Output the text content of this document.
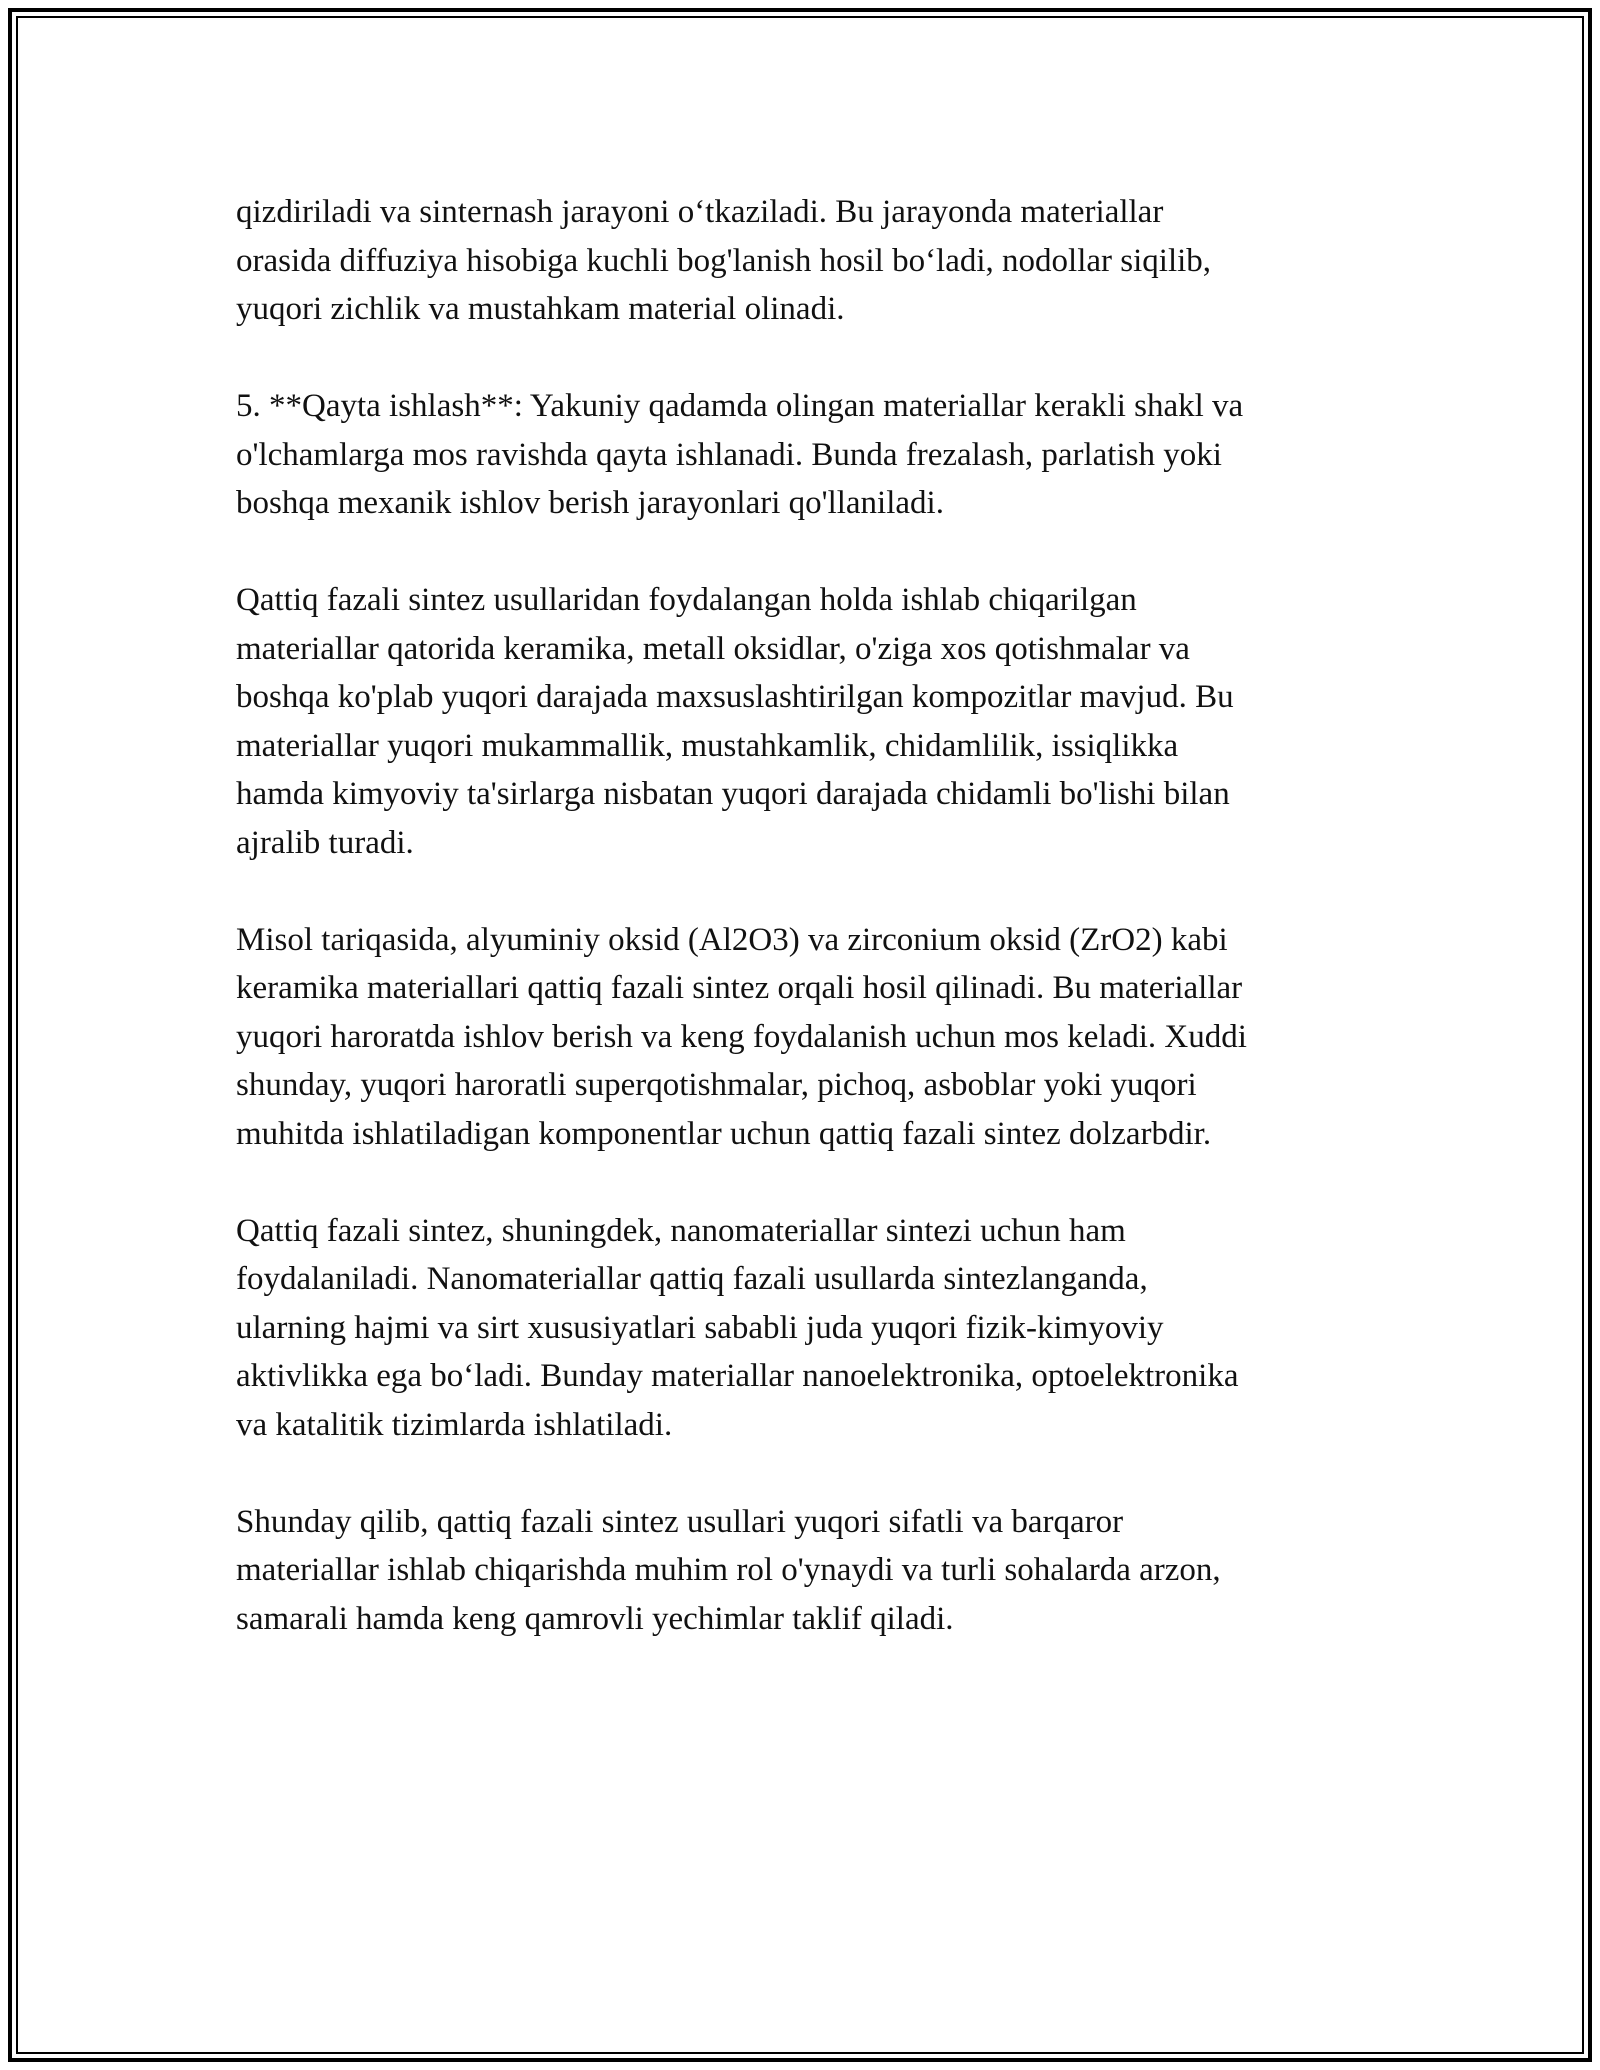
qizdiriladi va sinternash jarayoni o‘tkaziladi. Bu jarayonda materiallar
orasida diffuziya hisobiga kuchli bog'lanish hosil bo‘ladi, nodollar siqilib,
yuqori zichlik va mustahkam material olinadi.

5. **Qayta ishlash**: Yakuniy qadamda olingan materiallar kerakli shakl va
o'lchamlarga mos ravishda qayta ishlanadi. Bunda frezalash, parlatish yoki
boshqa mexanik ishlov berish jarayonlari qo'llaniladi.

Qattiq fazali sintez usullaridan foydalangan holda ishlab chiqarilgan
materiallar qatorida keramika, metall oksidlar, o'ziga xos qotishmalar va
boshqa ko'plab yuqori darajada maxsuslashtirilgan kompozitlar mavjud. Bu
materiallar yuqori mukammallik, mustahkamlik, chidamlilik, issiqlikka
hamda kimyoviy ta'sirlarga nisbatan yuqori darajada chidamli bo'lishi bilan
ajralib turadi.

Misol tariqasida, alyuminiy oksid (Al2O3) va zirconium oksid (ZrO2) kabi
keramika materiallari qattiq fazali sintez orqali hosil qilinadi. Bu materiallar
yuqori haroratda ishlov berish va keng foydalanish uchun mos keladi. Xuddi
shunday, yuqori haroratli superqotishmalar, pichoq, asboblar yoki yuqori
muhitda ishlatiladigan komponentlar uchun qattiq fazali sintez dolzarbdir.

Qattiq fazali sintez, shuningdek, nanomateriallar sintezi uchun ham
foydalaniladi. Nanomateriallar qattiq fazali usullarda sintezlanganda,
ularning hajmi va sirt xususiyatlari sababli juda yuqori fizik-kimyoviy
aktivlikka ega bo‘ladi. Bunday materiallar nanoelektronika, optoelektronika
va katalitik tizimlarda ishlatiladi.

Shunday qilib, qattiq fazali sintez usullari yuqori sifatli va barqaror
materiallar ishlab chiqarishda muhim rol o'ynaydi va turli sohalarda arzon,
samarali hamda keng qamrovli yechimlar taklif qiladi.
